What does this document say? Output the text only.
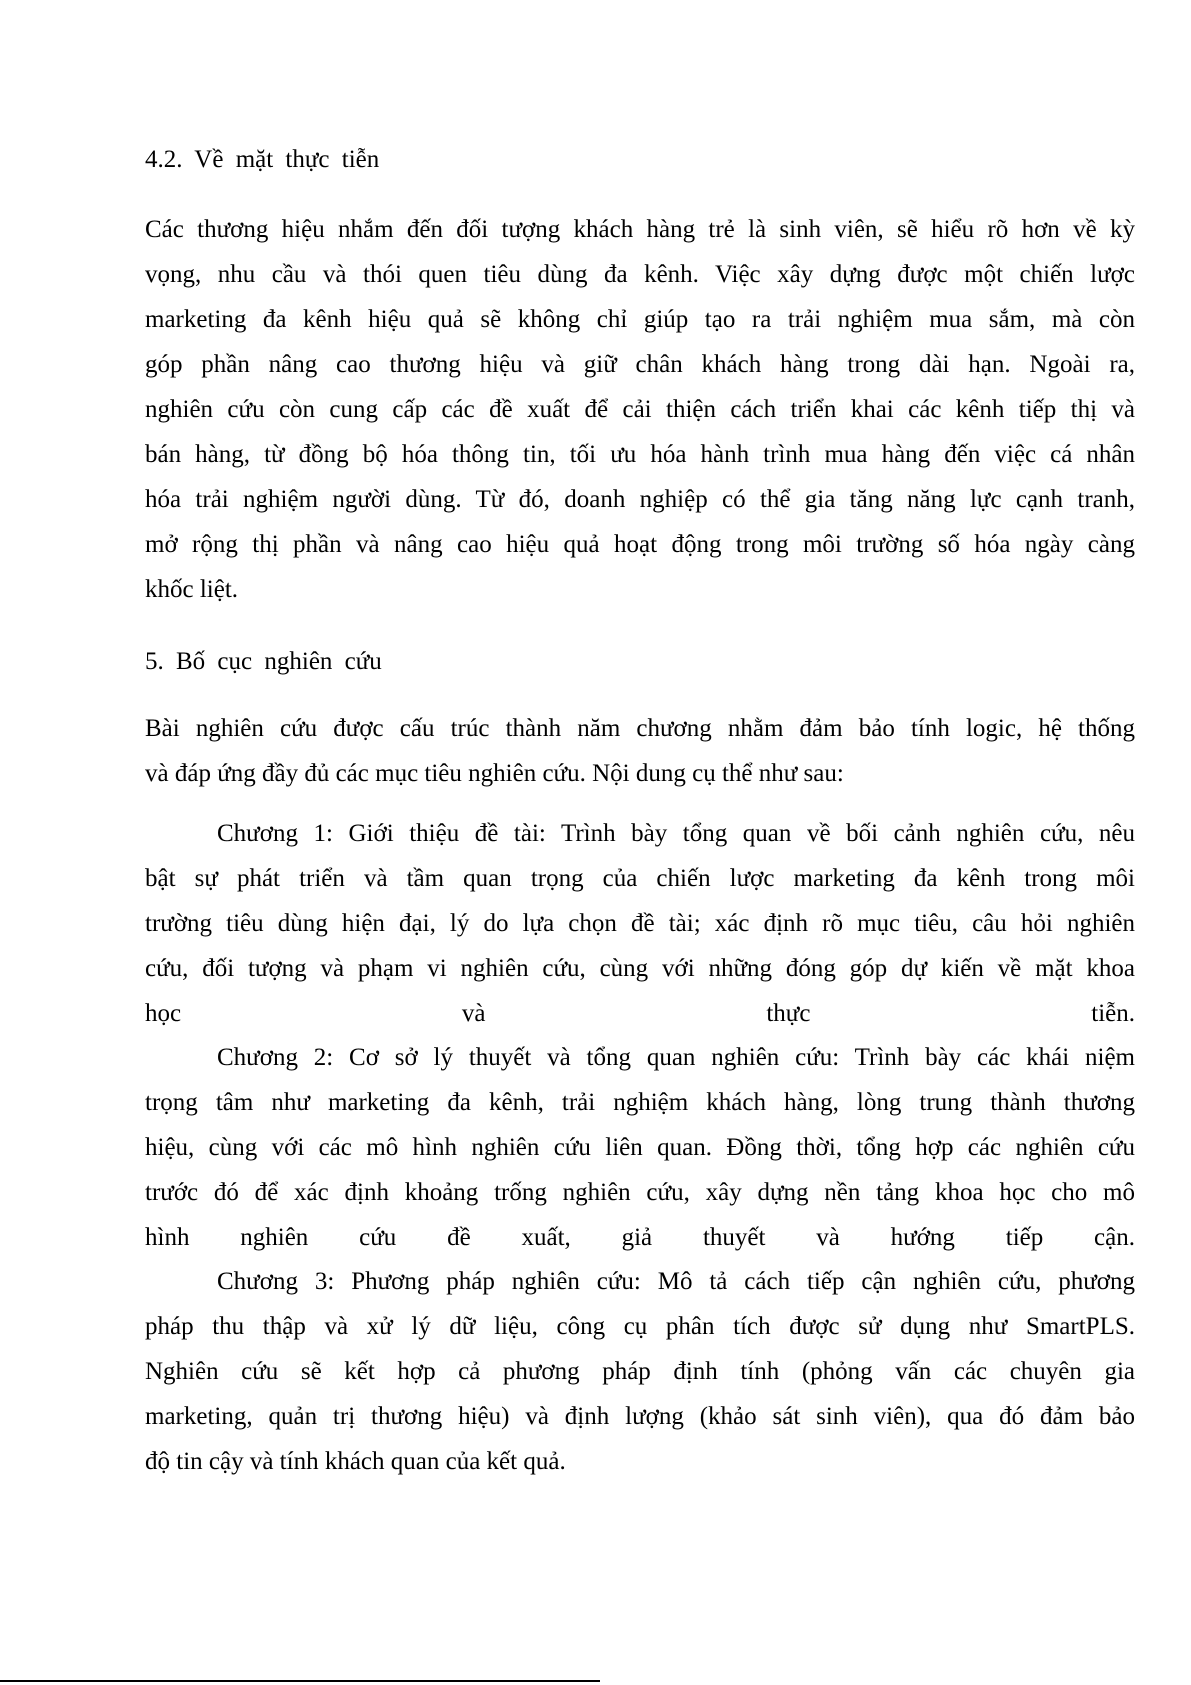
4.2. Về mặt thực tiễn
Các thương hiệu nhắm đến đối tượng khách hàng trẻ là sinh viên, sẽ hiểu rõ hơn về kỳ
vọng, nhu cầu và thói quen tiêu dùng đa kênh. Việc xây dựng được một chiến lược
marketing đa kênh hiệu quả sẽ không chỉ giúp tạo ra trải nghiệm mua sắm, mà còn
góp phần nâng cao thương hiệu và giữ chân khách hàng trong dài hạn. Ngoài ra,
nghiên cứu còn cung cấp các đề xuất để cải thiện cách triển khai các kênh tiếp thị và
bán hàng, từ đồng bộ hóa thông tin, tối ưu hóa hành trình mua hàng đến việc cá nhân
hóa trải nghiệm người dùng. Từ đó, doanh nghiệp có thể gia tăng năng lực cạnh tranh,
mở rộng thị phần và nâng cao hiệu quả hoạt động trong môi trường số hóa ngày càng
khốc liệt.
5. Bố cục nghiên cứu
Bài nghiên cứu được cấu trúc thành năm chương nhằm đảm bảo tính logic, hệ thống
và đáp ứng đầy đủ các mục tiêu nghiên cứu. Nội dung cụ thể như sau:
Chương 1: Giới thiệu đề tài: Trình bày tổng quan về bối cảnh nghiên cứu, nêu
bật sự phát triển và tầm quan trọng của chiến lược marketing đa kênh trong môi
trường tiêu dùng hiện đại, lý do lựa chọn đề tài; xác định rõ mục tiêu, câu hỏi nghiên
cứu, đối tượng và phạm vi nghiên cứu, cùng với những đóng góp dự kiến về mặt khoa
học và thực tiễn.
Chương 2: Cơ sở lý thuyết và tổng quan nghiên cứu: Trình bày các khái niệm
trọng tâm như marketing đa kênh, trải nghiệm khách hàng, lòng trung thành thương
hiệu, cùng với các mô hình nghiên cứu liên quan. Đồng thời, tổng hợp các nghiên cứu
trước đó để xác định khoảng trống nghiên cứu, xây dựng nền tảng khoa học cho mô
hình nghiên cứu đề xuất, giả thuyết và hướng tiếp cận.
Chương 3: Phương pháp nghiên cứu: Mô tả cách tiếp cận nghiên cứu, phương
pháp thu thập và xử lý dữ liệu, công cụ phân tích được sử dụng như SmartPLS.
Nghiên cứu sẽ kết hợp cả phương pháp định tính (phỏng vấn các chuyên gia
marketing, quản trị thương hiệu) và định lượng (khảo sát sinh viên), qua đó đảm bảo
độ tin cậy và tính khách quan của kết quả.
